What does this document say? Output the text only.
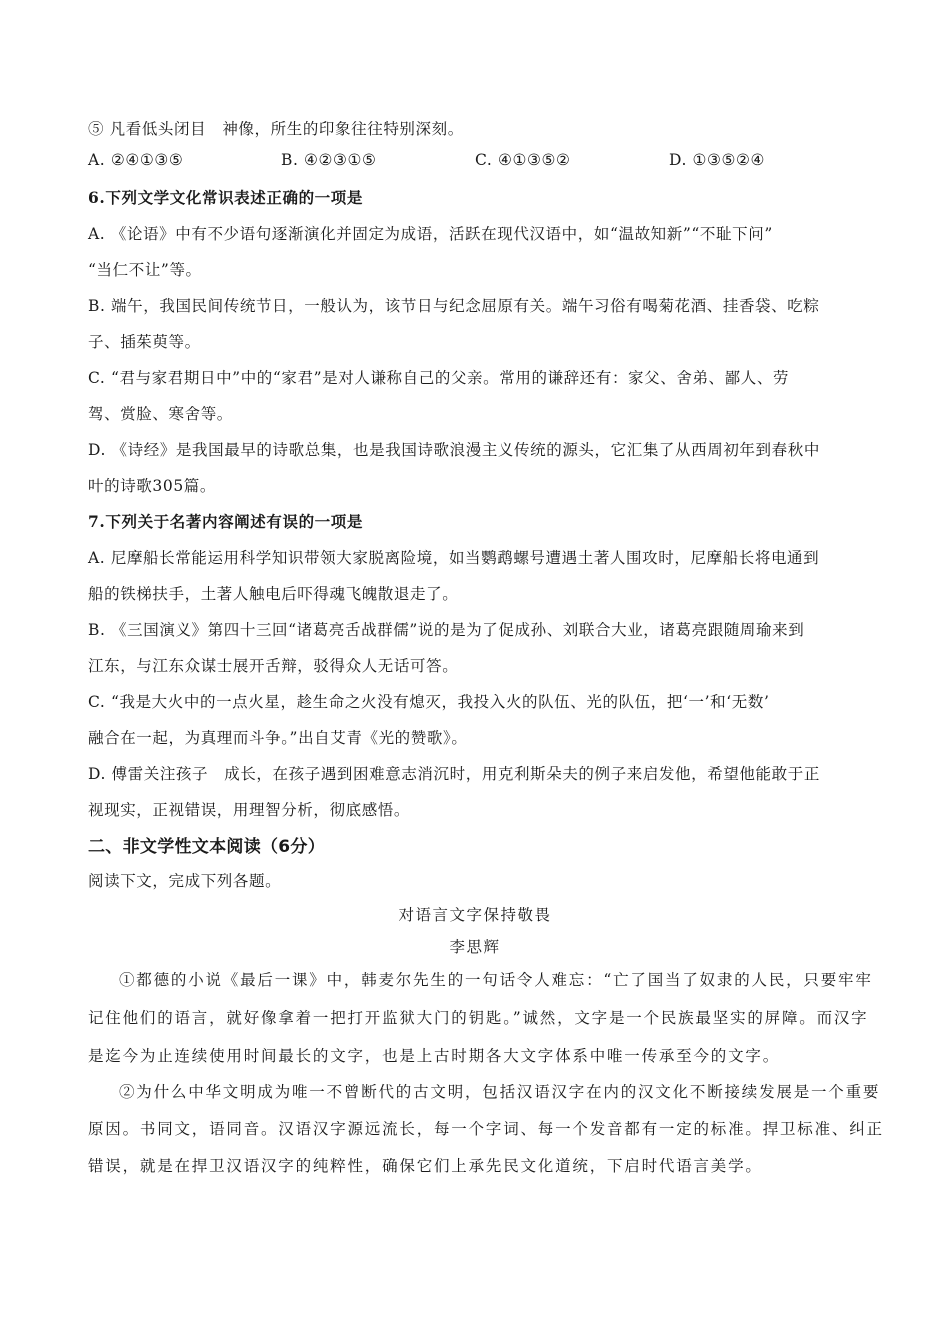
⑤ 凡看低头闭目　神像，所生的印象往往特别深刻。
A. ②④①③⑤	B. ④②③①⑤	C. ④①③⑤②	D. ①③⑤②④
6.下列文学文化常识表述正确的一项是
A. 《论语》中有不少语句逐渐演化并固定为成语，活跃在现代汉语中，如“温故知新”“不耻下问”
“当仁不让”等。
B. 端午，我国民间传统节日，一般认为，该节日与纪念屈原有关。端午习俗有喝菊花酒、挂香袋、吃粽
子、插茱萸等。
C. “君与家君期日中”中的“家君”是对人谦称自己的父亲。常用的谦辞还有：家父、舍弟、鄙人、劳
驾、赏脸、寒舍等。
D. 《诗经》是我国最早的诗歌总集，也是我国诗歌浪漫主义传统的源头，它汇集了从西周初年到春秋中
叶的诗歌305篇。
7.下列关于名著内容阐述有误的一项是
A. 尼摩船长常能运用科学知识带领大家脱离险境，如当鹦鹉螺号遭遇土著人围攻时，尼摩船长将电通到
船的铁梯扶手，土著人触电后吓得魂飞魄散退走了。
B. 《三国演义》第四十三回“诸葛亮舌战群儒”说的是为了促成孙、刘联合大业，诸葛亮跟随周瑜来到
江东，与江东众谋士展开舌辩，驳得众人无话可答。
C. “我是大火中的一点火星，趁生命之火没有熄灭，我投入火的队伍、光的队伍，把‘一’和‘无数’
融合在一起，为真理而斗争。”出自艾青《光的赞歌》。
D. 傅雷关注孩子　成长，在孩子遇到困难意志消沉时，用克利斯朵夫的例子来启发他，希望他能敢于正
视现实，正视错误，用理智分析，彻底感悟。
二、非文学性文本阅读（6分）
阅读下文，完成下列各题。
对语言文字保持敬畏
李思辉
①都德的小说《最后一课》中，韩麦尔先生的一句话令人难忘：“亡了国当了奴隶的人民，只要牢牢
记住他们的语言，就好像拿着一把打开监狱大门的钥匙。”诚然，文字是一个民族最坚实的屏障。而汉字
是迄今为止连续使用时间最长的文字，也是上古时期各大文字体系中唯一传承至今的文字。
②为什么中华文明成为唯一不曾断代的古文明，包括汉语汉字在内的汉文化不断接续发展是一个重要
原因。书同文，语同音。汉语汉字源远流长，每一个字词、每一个发音都有一定的标准。捍卫标准、纠正
错误，就是在捍卫汉语汉字的纯粹性，确保它们上承先民文化道统，下启时代语言美学。
